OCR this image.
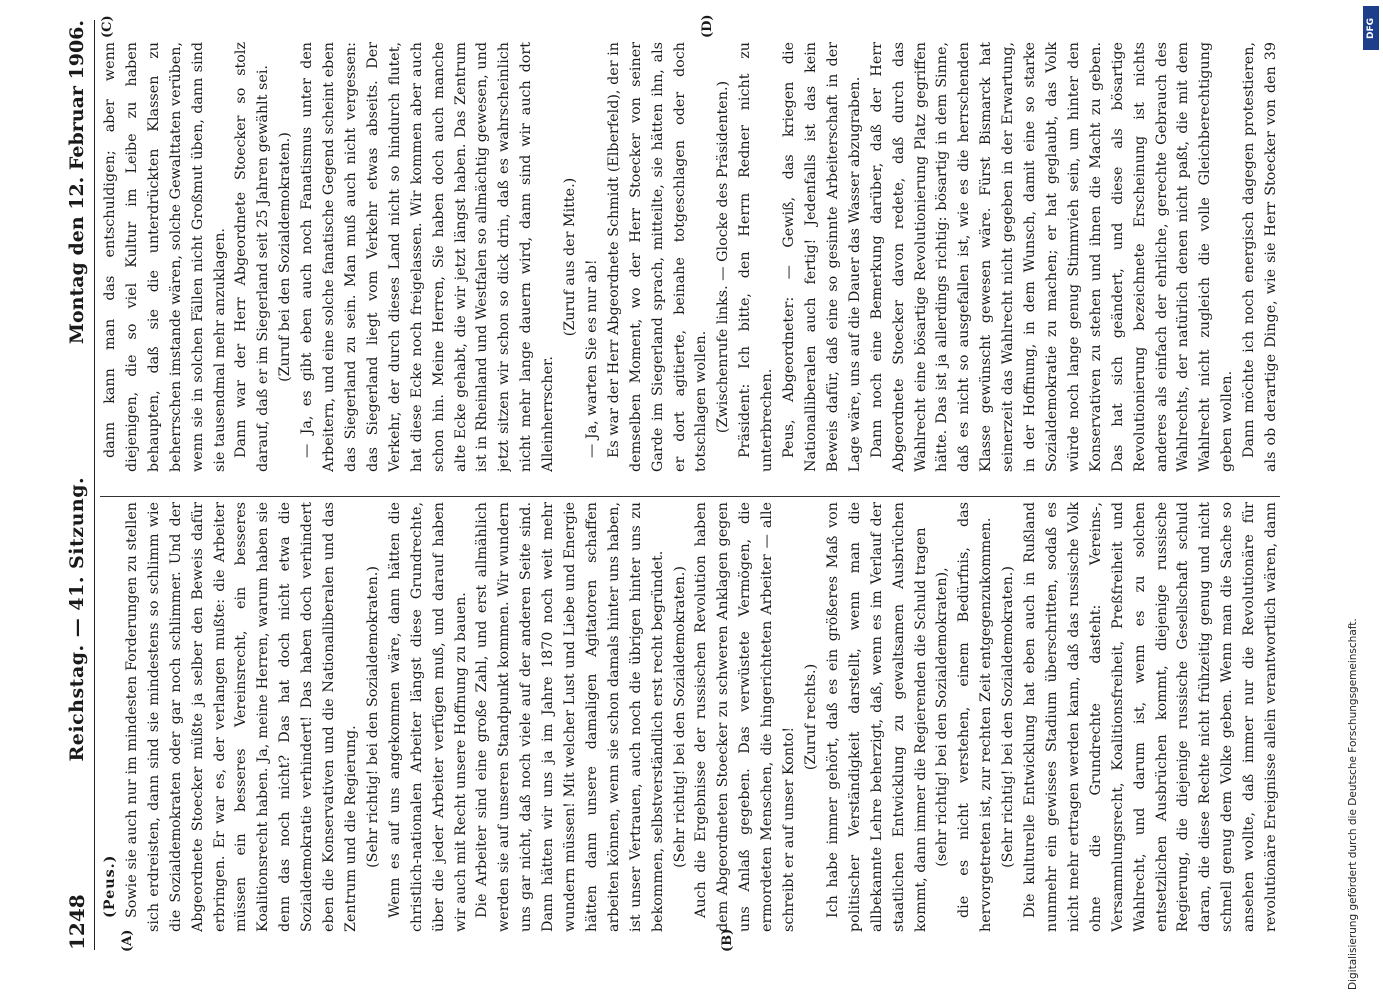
1248
Reichstag. — 41. Sitzung.
Montag den 12. Februar 1906.
(A)	(B)
(C)	(D)

(Peus.) Sowie sie auch nur im mindesten Forderungen zu stellen sich erdreisten, dann sind sie mindestens so schlimm wie die Sozialdemokraten oder gar noch schlimmer. Und der Abgeordnete Stoecker müßte ja selber den Beweis dafür erbringen. Er war es, der verlangen mußte: die Arbeiter müssen ein besseres Vereinsrecht, ein besseres Koalitionsrecht haben. Ja, meine Herren, warum haben sie denn das noch nicht? Das hat doch nicht etwa die Sozialdemokratie verhindert! Das haben doch verhindert eben die Konservativen und die Nationalliberalen und das Zentrum und die Regierung. (Sehr richtig! bei den Sozialdemokraten.) Wenn es auf uns angekommen wäre, dann hätten die christlich-nationalen Arbeiter längst diese Grundrechte, über die jeder Arbeiter verfügen muß, und darauf haben wir auch mit Recht unsere Hoffnung zu bauen. Die Arbeiter sind eine große Zahl, und erst allmählich werden sie auf unseren Standpunkt kommen. Wir wundern uns gar nicht, daß noch viele auf der anderen Seite sind. Dann hätten wir uns ja im Jahre 1870 noch weit mehr wundern müssen! Mit welcher Lust und Liebe und Energie hätten dann unsere damaligen Agitatoren schaffen arbeiten können, wenn sie schon damals hinter uns haben, ist unser Vertrauen, auch noch die übrigen hinter uns zu bekommen, selbstverständlich erst recht begründet. (Sehr richtig! bei den Sozialdemokraten.) Auch die Ergebnisse der russischen Revolution haben dem Abgeordneten Stoecker zu schweren Anklagen gegen uns Anlaß gegeben. Das verwüstete Vermögen, die ermordeten Menschen, die hingerichteten Arbeiter — alle schreibt er auf unser Konto!

(Zuruf rechts.) Ich habe immer gehört, daß es ein größeres Maß von politischer Verständigkeit darstellt, wenn man die allbekannte Lehre beherzigt, daß, wenn es im Verlauf der staatlichen Entwicklung zu gewaltsamen Ausbrüchen kommt, dann immer die Regierenden die Schuld tragen (sehr richtig! bei den Sozialdemokraten), die es nicht verstehen, einem Bedürfnis, das hervorgetreten ist, zur rechten Zeit entgegenzukommen. (Sehr richtig! bei den Sozialdemokraten.)

Die kulturelle Entwicklung hat eben auch in Rußland nunmehr ein gewisses Stadium überschritten, sodaß es nicht mehr ertragen werden kann, daß das russische Volk ohne die Grundrechte dasteht: Vereins-, Versammlungsrecht, Koalitionsfreiheit, Preßfreiheit und Wahlrecht, und darum ist, wenn es zu solchen entsetzlichen Ausbrüchen kommt, diejenige russische Regierung, die diejenige russische Gesellschaft schuld daran, die diese Rechte nicht frühzeitig genug und nicht schnell genug dem Volke geben. Wenn man die Sache so ansehen wollte, daß immer nur die Revolutionäre für revolutionäre Ereignisse allein verantwortlich wären, dann

dann kann man das entschuldigen; aber wenn diejenigen, die so viel Kultur im Leibe zu haben behaupten, daß sie die unterdrückten Klassen zu beherrschen imstande wären, solche Gewalttaten verüben, wenn sie in solchen Fällen nicht Großmut üben, dann sind sie tausendmal mehr anzuklagen. Dann war der Herr Abgeordnete Stoecker so stolz darauf, daß er im Siegerland seit 25 Jahren gewählt sei. (Zuruf bei den Sozialdemokraten.) — Ja, es gibt eben auch noch Fanatismus unter den Arbeitern, und eine solche fanatische Gegend scheint eben das Siegerland zu sein. Man muß auch nicht vergessen: das Siegerland liegt vom Verkehr etwas abseits. Der Verkehr, der durch dieses Land nicht so hindurch flutet, hat diese Ecke noch freigelassen. Wir kommen aber auch schon hin. Meine Herren, Sie haben doch auch manche alte Ecke gehabt, die wir jetzt längst haben. Das Zentrum ist in Rheinland und Westfalen so allmächtig gewesen, und jetzt sitzen wir schon so dick drin, daß es wahrscheinlich nicht mehr lange dauern wird, dann sind wir auch dort Alleinherrscher.

(Zuruf aus der Mitte.)

— Ja, warten Sie es nur ab! Es war der Herr Abgeordnete Schmidt (Elberfeld), der in demselben Moment, wo der Herr Stoecker von seiner Garde im Siegerland sprach, mitteilte, sie hätten ihn, als er dort agitierte, beinahe totgeschlagen oder doch totschlagen wollen. (Zwischenrufe links. — Glocke des Präsidenten.) Präsident: Ich bitte, den Herrn Redner nicht zu unterbrechen. Peus, Abgeordneter: — Gewiß, das kriegen die Nationalliberalen auch fertig! Jedenfalls ist das kein Beweis dafür, daß eine so gesinnte Arbeiterschaft in der Lage wäre, uns auf die Dauer das Wasser abzugraben. Dann noch eine Bemerkung darüber, daß der Herr Abgeordnete Stoecker davon redete, daß durch das Wahlrecht eine bösartige Revolutionierung Platz gegriffen hätte. Das ist ja allerdings richtig: bösartig in dem Sinne, daß es nicht so ausgefallen ist, wie es die herrschenden Klasse gewünscht gewesen wäre. Fürst Bismarck hat seinerzeit das Wahlrecht nicht gegeben in der Erwartung, in der Hoffnung, in dem Wunsch, damit eine so starke Sozialdemokratie zu machen; er hat geglaubt, das Volk würde noch lange genug Stimmvieh sein, um hinter den Konservativen zu stehen und ihnen die Macht zu geben. Das hat sich geändert, und diese als bösartige Revolutionierung bezeichnete Erscheinung ist nichts anderes als einfach der ehrliche, gerechte Gebrauch des Wahlrechts, der natürlich denen nicht paßt, die mit dem Wahlrecht nicht zugleich die volle Gleichberechtigung geben wollen. Dann möchte ich noch energisch dagegen protestieren, als ob derartige Dinge, wie sie Herr Stoecker von den 39

DFG
Digitalisierung gefördert durch die Deutsche Forschungsgemeinschaft.
